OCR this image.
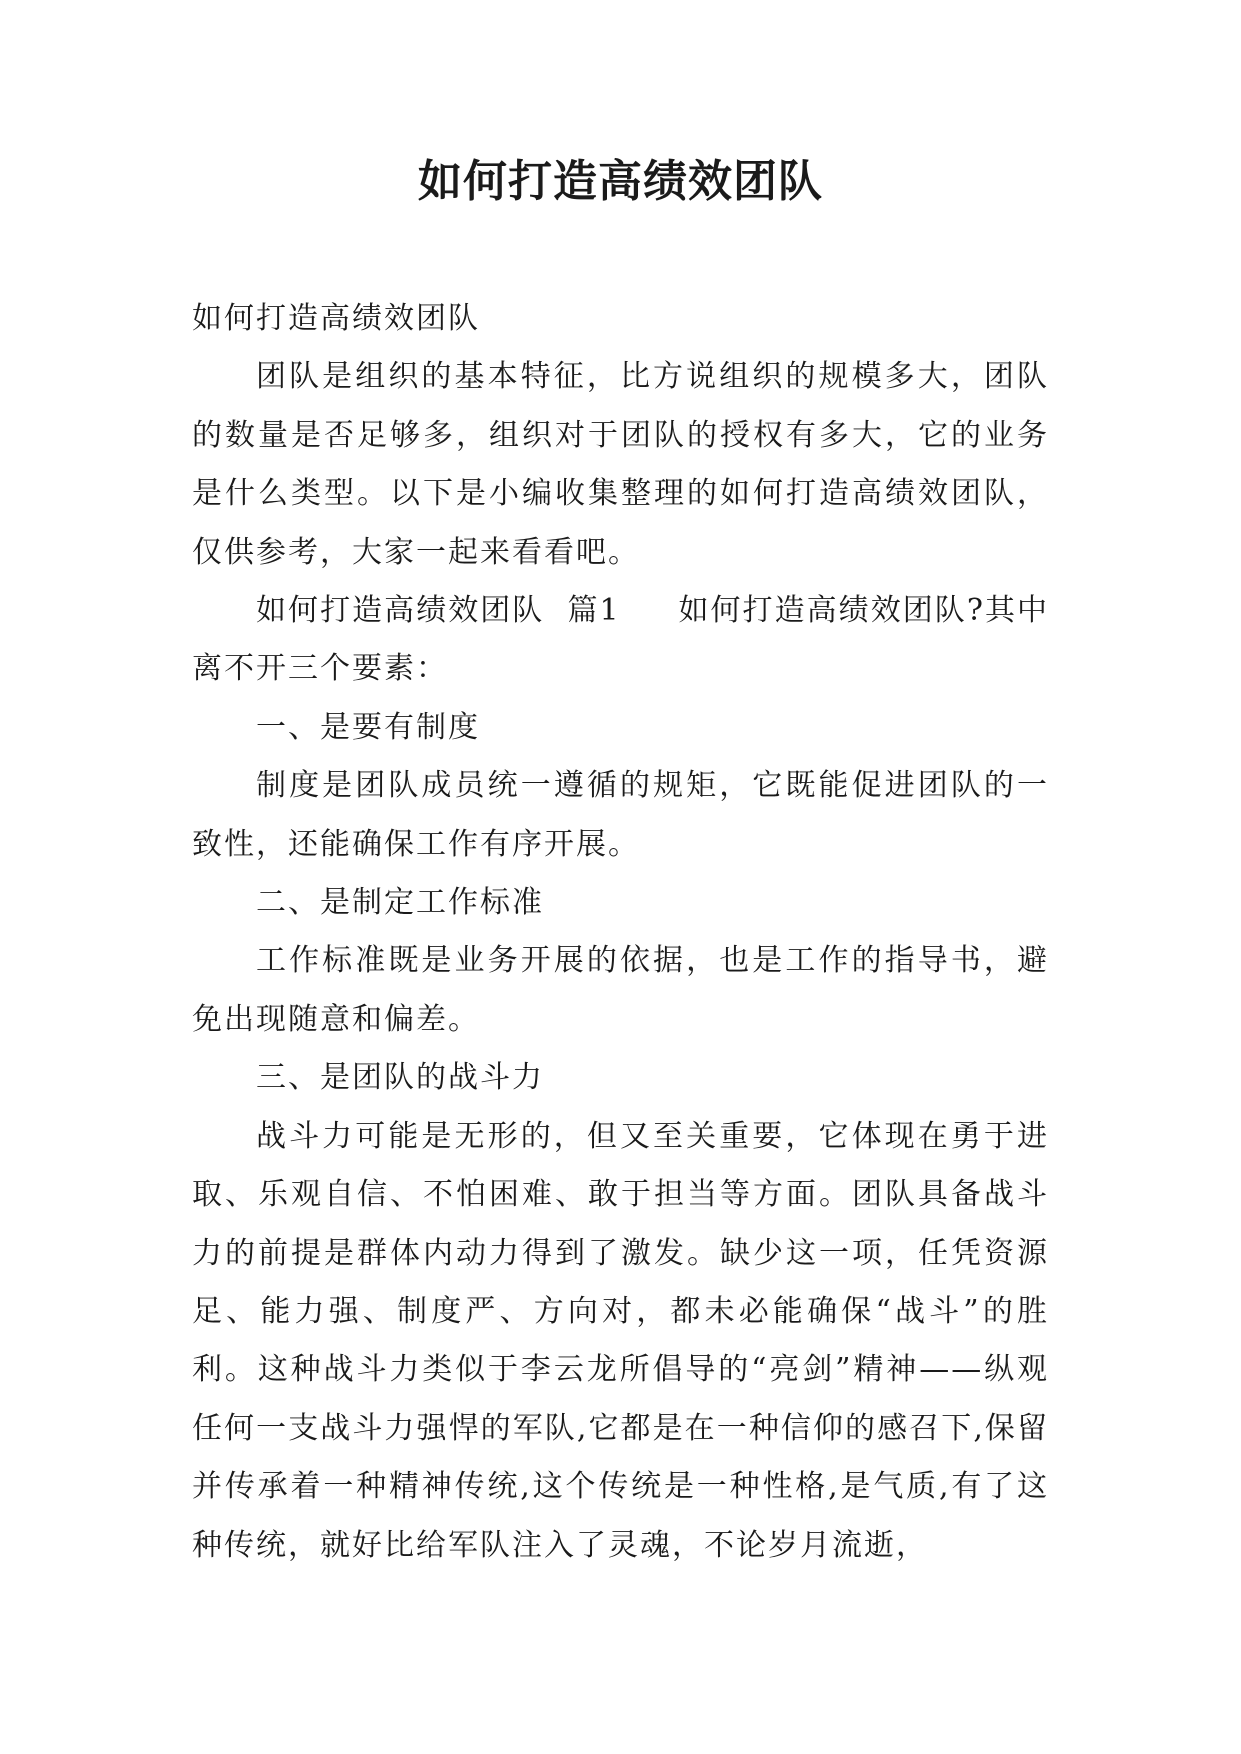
如何打造高绩效团队

如何打造高绩效团队

团队是组织的基本特征，比方说组织的规模多大，团队的数量是否足够多，组织对于团队的授权有多大，它的业务是什么类型。以下是小编收集整理的如何打造高绩效团队，仅供参考，大家一起来看看吧。

如何打造高绩效团队  篇1     如何打造高绩效团队?其中离不开三个要素：

一、是要有制度

制度是团队成员统一遵循的规矩，它既能促进团队的一致性，还能确保工作有序开展。

二、是制定工作标准

工作标准既是业务开展的依据，也是工作的指导书，避免出现随意和偏差。

三、是团队的战斗力

战斗力可能是无形的，但又至关重要，它体现在勇于进取、乐观自信、不怕困难、敢于担当等方面。团队具备战斗力的前提是群体内动力得到了激发。缺少这一项，任凭资源足、能力强、制度严、方向对，都未必能确保“战斗”的胜利。这种战斗力类似于李云龙所倡导的“亮剑”精神——纵观任何一支战斗力强悍的军队,它都是在一种信仰的感召下,保留并传承着一种精神传统,这个传统是一种性格,是气质,有了这种传统，就好比给军队注入了灵魂，不论岁月流逝，
